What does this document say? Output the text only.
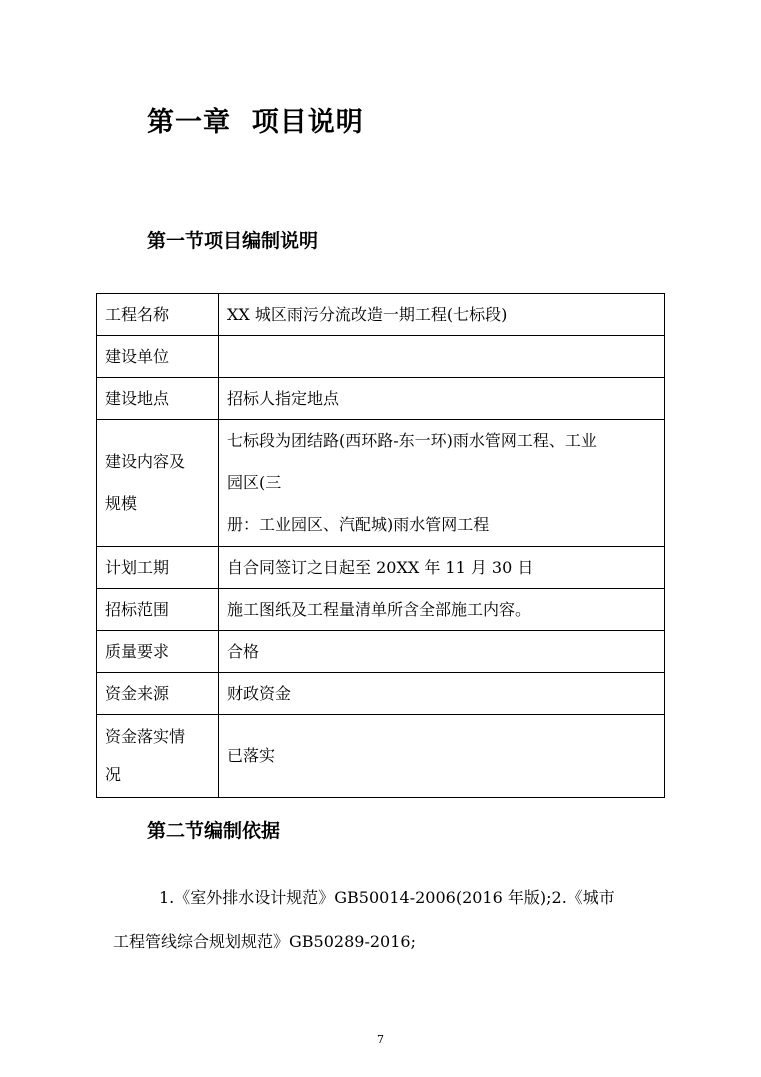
第一章  项目说明
第一节项目编制说明
工程名称	XX 城区雨污分流改造一期工程(七标段)
建设单位	
建设地点	招标人指定地点
建设内容及
规模	七标段为团结路(西环路-东一环)雨水管网工程、工业
园区(三
册：工业园区、汽配城)雨水管网工程
计划工期	自合同签订之日起至 20XX 年 11 月 30 日
招标范围	施工图纸及工程量清单所含全部施工内容。
质量要求	合格
资金来源	财政资金
资金落实情
况	已落实
第二节编制依据
1.《室外排水设计规范》GB50014-2006(2016 年版);2.《城市
工程管线综合规划规范》GB50289-2016;
7
